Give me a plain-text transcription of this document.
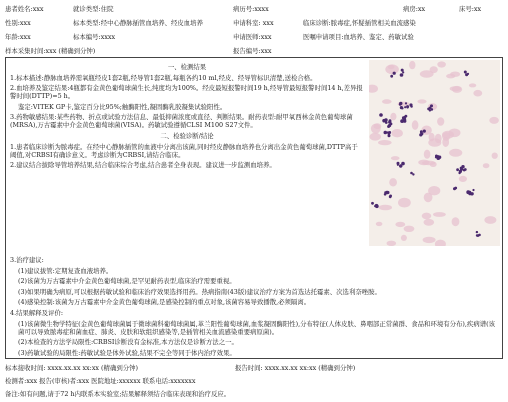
患者姓名:xxx	就诊类型:住院	病历号:xxxx	病房:xx	床号:xx
性别:xxx	标本类型:经中心静脉插管血培养、经皮血培养	申请科室: xxx	临床诊断:脓毒症,怀疑插管相关血流感染
年龄:xxx	标本编号:xxxx	申请医师:xxx	医嘱申请项目:血培养、鉴定、药敏试验
样本采集时间:xxx (精确到分钟)	报告编号:xxx

一、检测结果

1.标本描述:静脉血培养需氧瓶经皮1套2瓶,经导管1套2瓶,每瓶各约10 ml,经皮、经导管标识清楚,送检合格。

2.血培养及鉴定结果:4瓶都有金黄色葡萄球菌生长,纯度均为100%。经皮最短报警时间19 h,经导管最短报警时间14 h,差异报警时间(DTTP)=5 h。

鉴定:VITEK GP卡,鉴定百分比95%;触酶阳性,凝固酶乳胶凝集试验阳性。

3.药物敏感结果:某些药物、折点或试验方法信息、最低抑菌浓度或直径、判断结果。耐药表型:耐甲氧西林金黄色葡萄球菌(MRSA),万古霉素中介金黄色葡萄球菌(VISA)。药敏试验遵循CLSI M100 S27文件。

二、检验诊断/结论

1.患者临床诊断为脓毒症。在经中心静脉插管的血液中分离出该菌,同时经皮静脉血培养也分离出金黄色葡萄球菌,DTTP高于阈值,对CRBSI有确诊意义。考虑诊断为CRBSI,请结合临床。

2.建议结合拔除导管培养结果,结合临床综合考虑,结合患者全身表现。建议进一步监测血培养。

3.治疗建议:

(1)建议拔管:定期复查血液培养。

(2)该菌为万古霉素中介金黄色葡萄球菌,是罕见耐药表型,临床治疗需要重视。

(3)如果明确为病原,可以根据药敏试验和临床治疗效果选择用药。热病指南(43版)建议治疗方案为首选达托霉素、次选利奈唑胺。

(4)感染控制:该菌为万古霉素中介金黄色葡萄球菌,是感染控制的重点对象,该菌容易导致播散,必须隔离。

4.结果解释及评价:

(1)该菌微生物学特征(金黄色葡萄球菌属于微球菌科葡萄球菌属,革兰阳性葡萄球菌,血浆凝固酶阳性),分布特征(人体皮肤、鼻咽部正常菌群、食品和环境有分布),疾病谱(该菌可以导致脓毒症和菌血症、肺炎、皮肤和软组织感染等,是插管相关血流感染重要病原菌)。

(2)本检查的方法学局限性:CRBSI诊断没有金标准,本方法仅是诊断方法之一。

(3)药敏试验的局限性:药敏试验是体外试验,结果不完全等同于体内治疗效果。

标本接收时间: xxxx.xx.xx xx:xx (精确到分钟)	报告时间: xxxx.xx.xx xx:xx (精确到分钟)
检测者:xxx 报告(审核)者:xxx 医院地址:xxxxxx 联系电话:xxxxxxx
备注:如有问题,请于72 h内联系本实验室;结果解释须结合临床表现和治疗反应。
